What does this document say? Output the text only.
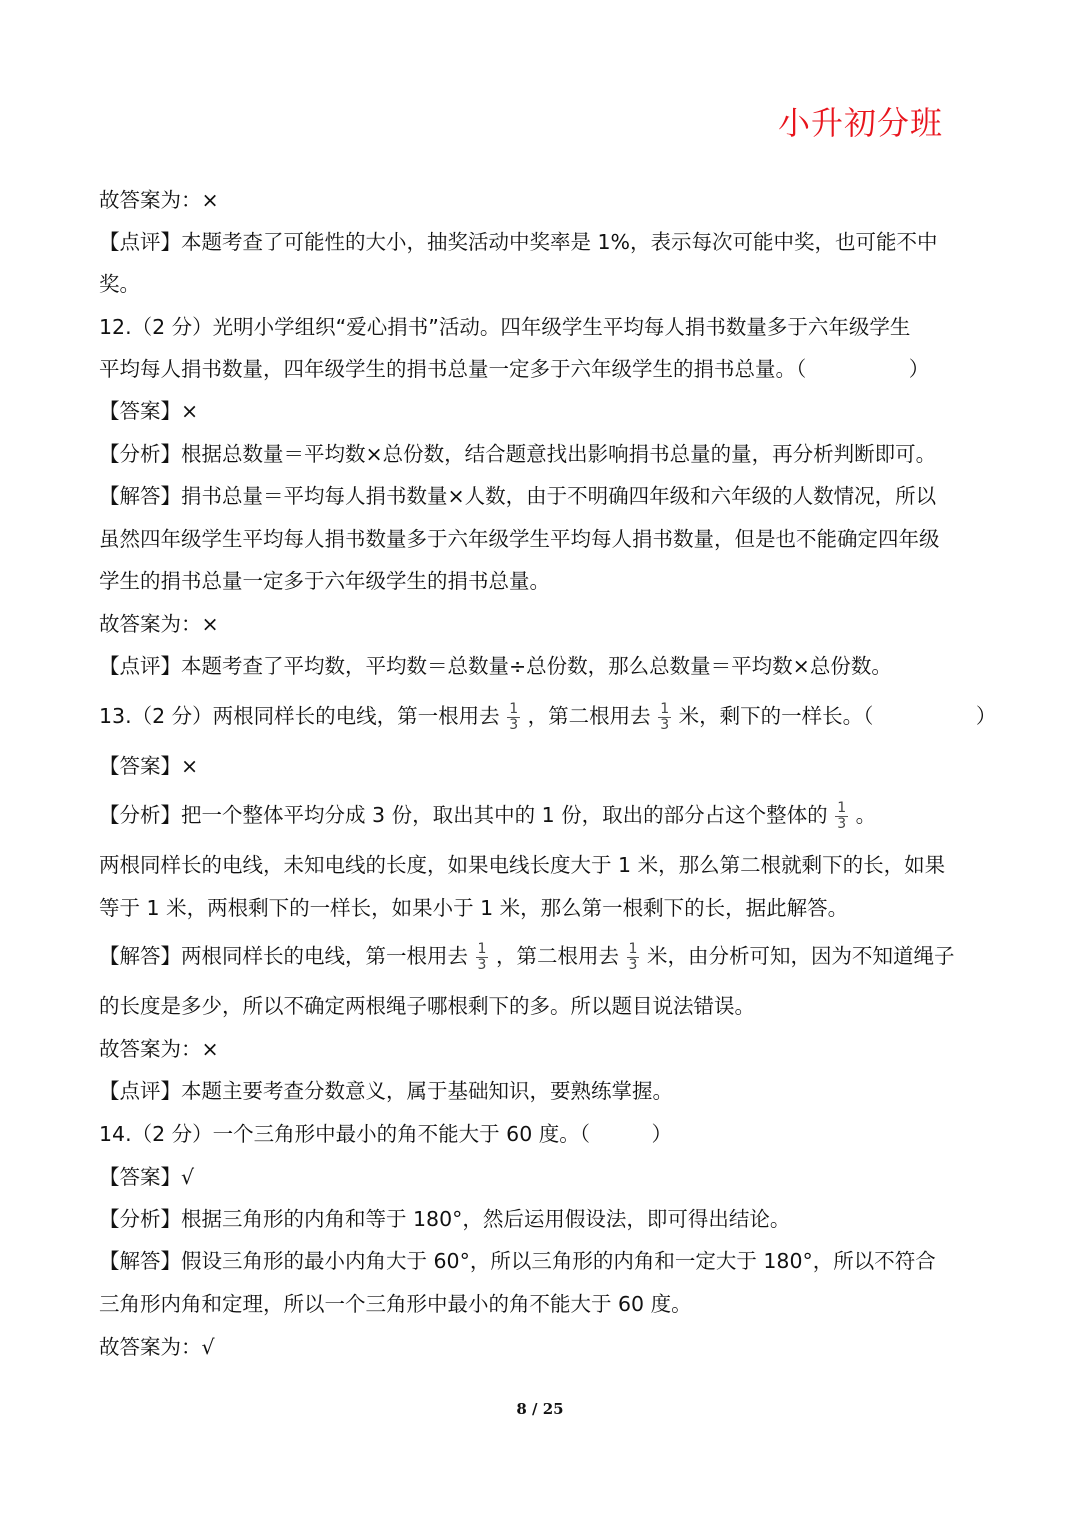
小升初分班
故答案为：×
【点评】本题考查了可能性的大小，抽奖活动中奖率是 1%，表示每次可能中奖，也可能不中
奖。
12.（2 分）光明小学组织“爱心捐书”活动。四年级学生平均每人捐书数量多于六年级学生
平均每人捐书数量，四年级学生的捐书总量一定多于六年级学生的捐书总量。（　　　　　）
【答案】×
【分析】根据总数量＝平均数×总份数，结合题意找出影响捐书总量的量，再分析判断即可。
【解答】捐书总量＝平均每人捐书数量×人数，由于不明确四年级和六年级的人数情况，所以
虽然四年级学生平均每人捐书数量多于六年级学生平均每人捐书数量，但是也不能确定四年级
学生的捐书总量一定多于六年级学生的捐书总量。
故答案为：×
【点评】本题考查了平均数，平均数＝总数量÷总份数，那么总数量＝平均数×总份数。
13.（2 分）两根同样长的电线，第一根用去 $\frac{1}{3}$ ，第二根用去 $\frac{1}{3}$ 米，剩下的一样长。（　　　　　）
【答案】×
【分析】把一个整体平均分成 3 份，取出其中的 1 份，取出的部分占这个整体的 $\frac{1}{3}$ 。
两根同样长的电线，未知电线的长度，如果电线长度大于 1 米，那么第二根就剩下的长，如果
等于 1 米，两根剩下的一样长，如果小于 1 米，那么第一根剩下的长，据此解答。
【解答】两根同样长的电线，第一根用去 $\frac{1}{3}$ ，第二根用去 $\frac{1}{3}$ 米，由分析可知，因为不知道绳子
的长度是多少，所以不确定两根绳子哪根剩下的多。所以题目说法错误。
故答案为：×
【点评】本题主要考查分数意义，属于基础知识，要熟练掌握。
14.（2 分）一个三角形中最小的角不能大于 60 度。（　　　）
【答案】√
【分析】根据三角形的内角和等于 180°，然后运用假设法，即可得出结论。
【解答】假设三角形的最小内角大于 60°，所以三角形的内角和一定大于 180°，所以不符合
三角形内角和定理，所以一个三角形中最小的角不能大于 60 度。
故答案为：√
8 / 25
